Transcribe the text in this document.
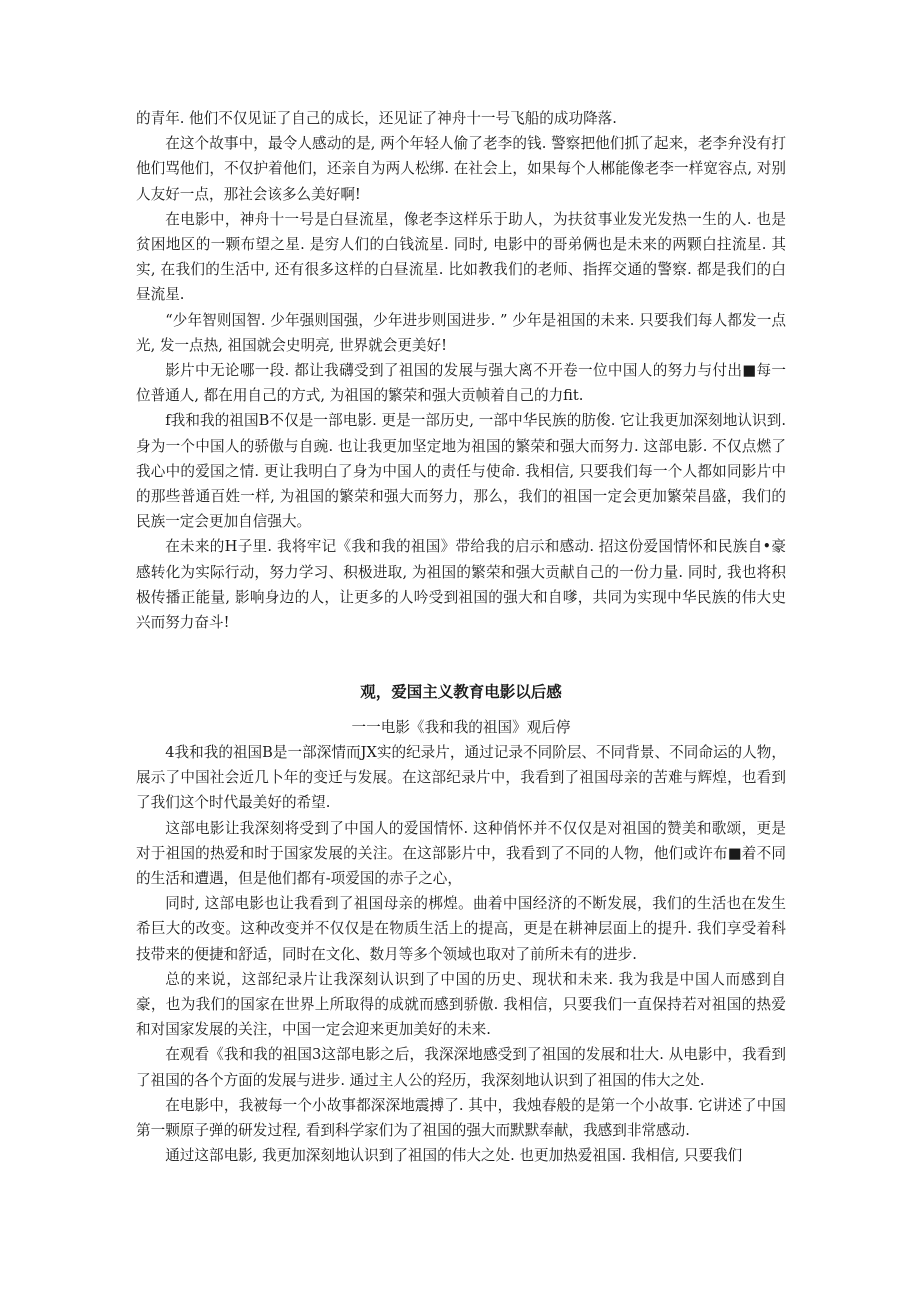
的青年. 他们不仅见证了自己的成长，还见证了神舟十一号飞船的成功降落.

在这个故事中，最令人感动的是, 两个年轻人偷了老李的钱. 警察把他们抓了起来，老李弁没有打他们骂他们，不仅护着他们，还亲自为两人松绑. 在社会上，如果每个人郴能像老李一样宽容点, 对别人友好一点，那社会该多么美好啊!

在电影中，神舟十一号是白昼流星，像老李这样乐于助人，为扶贫事业发光发热一生的人. 也是贫困地区的一颗布望之星. 是穷人们的白钱流星. 同时, 电影中的哥弟俩也是未来的两颗白拄流星. 其实, 在我们的生活中, 还有很多这样的白昼流星. 比如教我们的老师、指挥交通的警察. 都是我们的白昼流星.

“少年智则国智. 少年强则国强，少年进步则国进步. ” 少年是祖国的未来. 只要我们每人都发一点光, 发一点热, 祖国就会史明亮, 世界就会更美好!

影片中无论哪一段. 都让我礴受到了祖国的发展与强大离不开卷一位中国人的努力与付出■每一位普通人, 都在用自己的方式, 为祖国的繁荣和强大贡帧着自己的力fit.

f我和我的祖国B不仅是一部电影. 更是一部历史, 一部中华民族的肪俊. 它让我更加深刻地认识到. 身为一个中国人的骄傲与自豌. 也让我更加坚定地为祖国的繁荣和强大而努力. 这部电影. 不仅点燃了我心中的爱国之情. 更让我明白了身为中国人的责任与使命. 我相信, 只要我们每一个人都如同影片中的那些普通百姓一样, 为祖国的繁荣和强大而努力，那么，我们的祖国一定会更加繁荣昌盛，我们的民族一定会更加自信强大。

在未来的H子里. 我将牢记《我和我的祖国》带给我的启示和感动. 招这份爱国情怀和民族自•豪感转化为实际行动，努力学习、积极进取, 为祖国的繁荣和强大贡献自己的一份力量. 同时, 我也将积极传播正能量, 影响身边的人，让更多的人吟受到祖国的强大和自嗲，共同为实现中华民族的伟大史兴而努力奋斗!

观，爱国主义教育电影以后感
一一电影《我和我的祖国》观后停

4我和我的祖国B是一部深情而JX实的纪录片，通过记录不同阶层、不同背景、不同命运的人物，展示了中国社会近几卜年的变迁与发展。在这部纪录片中，我看到了祖国母亲的苦难与辉煌，也看到了我们这个时代最美好的希望.

这部电影让我深刻将受到了中国人的爱国情怀. 这种俏怀并不仅仅是对祖国的赞美和歌颂，更是对于祖国的热爱和时于国家发展的关注。在这部影片中，我看到了不同的人物，他们或许布■着不同的生活和遭遇，但是他们都有-项爱国的赤子之心，

同时, 这部电影也让我看到了祖国母亲的梆煌。曲着中国经济的不断发展，我们的生活也在发生希巨大的改变。这种改变并不仅仅是在物质生活上的提高，更是在耕神层面上的提升. 我们享受着科技带来的便捷和舒适，同时在文化、数月等多个领域也取对了前所未有的进步.

总的来说，这部纪录片让我深刻认识到了中国的历史、现状和未来. 我为我是中国人而感到自豪，也为我们的国家在世界上所取得的成就而感到骄傲. 我相信，只要我们一直保持若对祖国的热爱和对国家发展的关注，中国一定会迎来更加美好的未来.

在观看《我和我的祖国3这部电影之后，我深深地感受到了祖国的发展和壮大. 从电影中，我看到了祖国的各个方面的发展与进步. 通过主人公的羟历，我深刻地认识到了祖国的伟大之处.

在电影中，我被每一个小故事都深深地震搏了. 其中，我烛春般的是第一个小故事. 它讲述了中国第一颗原子弹的研发过程, 看到科学家们为了祖国的强大而默默奉献，我感到非常感动.

通过这部电影, 我更加深刻地认识到了祖国的伟大之处. 也更加热爱祖国. 我相信, 只要我们
